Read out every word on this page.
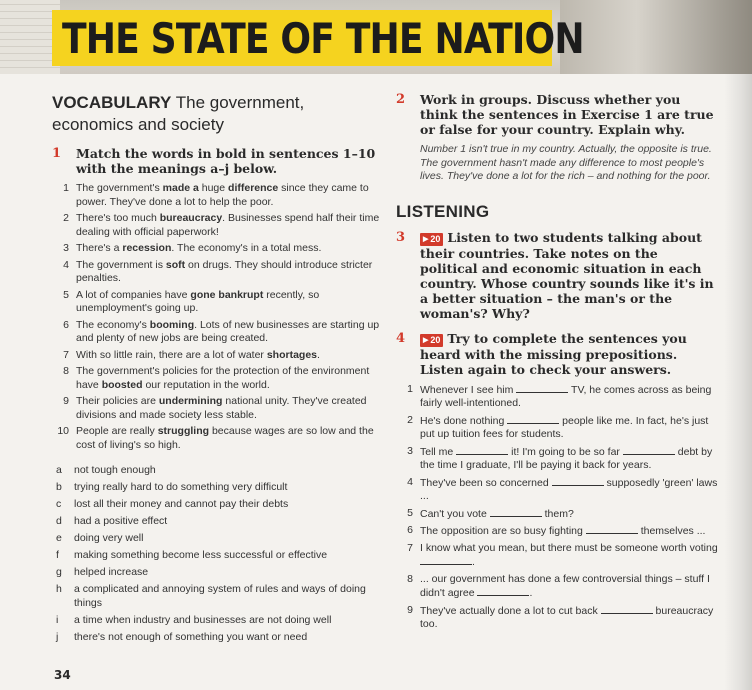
THE STATE OF THE NATION
VOCABULARY The government, economics and society
1	Match the words in bold in sentences 1–10 with the meanings a–j below.
1 The government's made a huge difference since they came to power. They've done a lot to help the poor.
2 There's too much bureaucracy. Businesses spend half their time dealing with official paperwork!
3 There's a recession. The economy's in a total mess.
4 The government is soft on drugs. They should introduce stricter penalties.
5 A lot of companies have gone bankrupt recently, so unemployment's going up.
6 The economy's booming. Lots of new businesses are starting up and plenty of new jobs are being created.
7 With so little rain, there are a lot of water shortages.
8 The government's policies for the protection of the environment have boosted our reputation in the world.
9 Their policies are undermining national unity. They've created divisions and made society less stable.
10 People are really struggling because wages are so low and the cost of living's so high.
a	not tough enough
b	trying really hard to do something very difficult
c	lost all their money and cannot pay their debts
d	had a positive effect
e	doing very well
f	making something become less successful or effective
g	helped increase
h	a complicated and annoying system of rules and ways of doing things
i	a time when industry and businesses are not doing well
j	there's not enough of something you want or need
2	Work in groups. Discuss whether you think the sentences in Exercise 1 are true or false for your country. Explain why.
Number 1 isn't true in my country. Actually, the opposite is true. The government hasn't made any difference to most people's lives. They've done a lot for the rich – and nothing for the poor.
LISTENING
3	▶ 20 Listen to two students talking about their countries. Take notes on the political and economic situation in each country. Whose country sounds like it's in a better situation – the man's or the woman's? Why?
4	▶ 20 Try to complete the sentences you heard with the missing prepositions. Listen again to check your answers.
1 Whenever I see him	TV, he comes across as being fairly well-intentioned.
2 He's done nothing	people like me. In fact, he's just put up tuition fees for students.
3 Tell me	it! I'm going to be so far	debt by the time I graduate, I'll be paying it back for years.
4 They've been so concerned	supposedly 'green' laws ...
5 Can't you vote	them?
6 The opposition are so busy fighting	themselves ...
7 I know what you mean, but there must be someone worth voting .
8 ... our government has done a few controversial things – stuff I didn't agree	.
9 They've actually done a lot to cut back	bureaucracy too.
34
